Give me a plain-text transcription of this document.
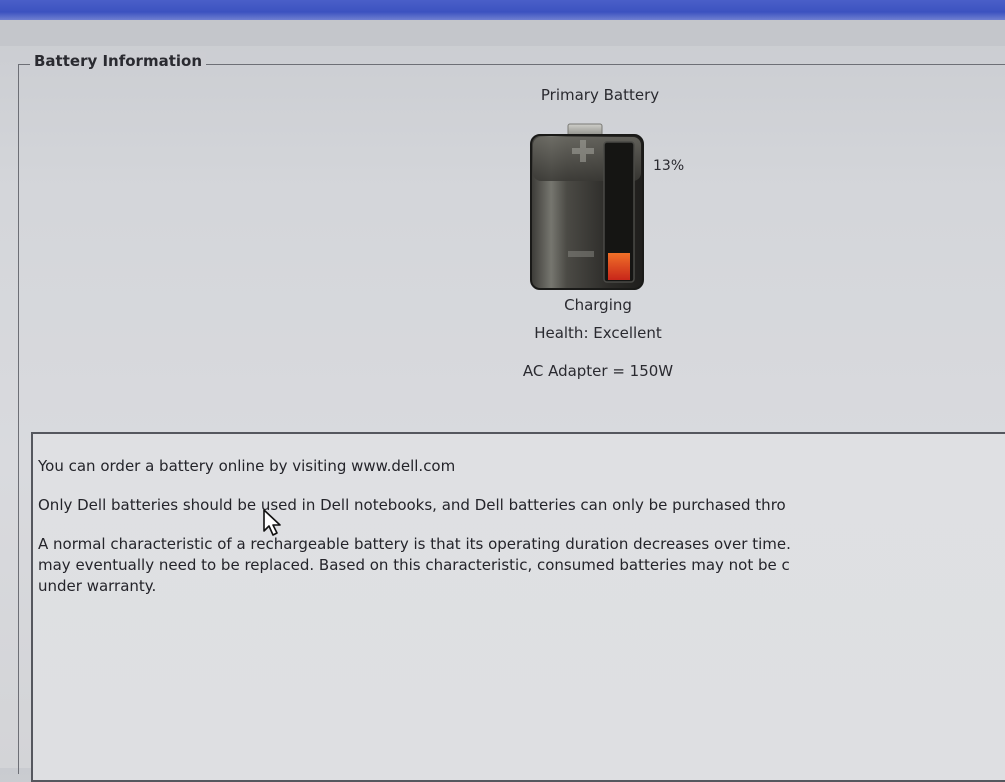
Battery Information
Primary Battery
13%
Charging
Health: Excellent
AC Adapter = 150W
You can order a battery online by visiting www.dell.com
Only Dell batteries should be used in Dell notebooks, and Dell batteries can only be purchased thro
A normal characteristic of a rechargeable battery is that its operating duration decreases over time.
may eventually need to be replaced. Based on this characteristic, consumed batteries may not be c
under warranty.
